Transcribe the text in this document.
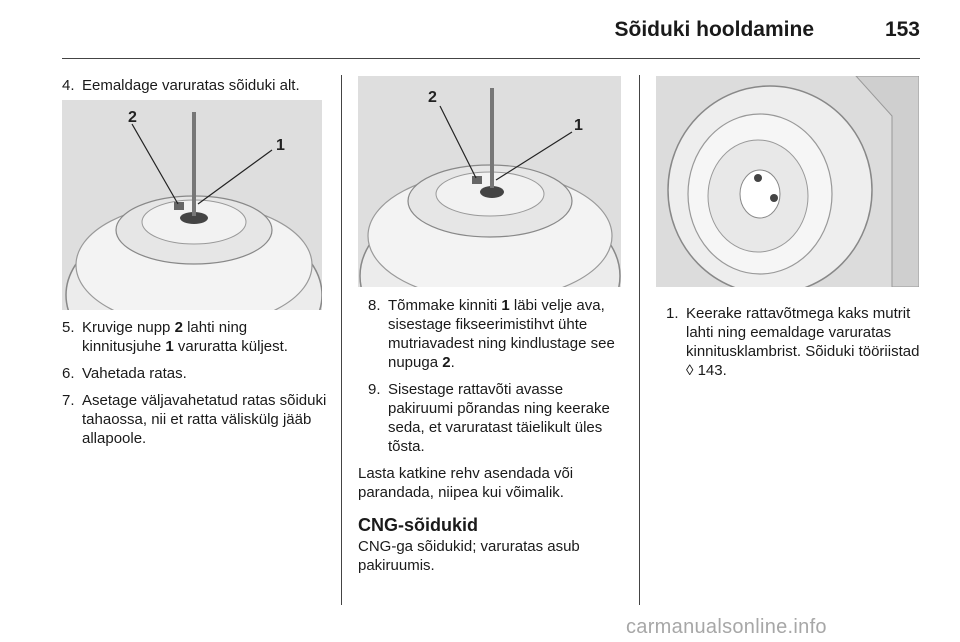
Sõiduki hooldamine	153
4. Eemaldage varuratas sõiduki alt.
2
1
5. Kruvige nupp 2 lahti ning kinnitusjuhe 1 varuratta küljest.
6. Vahetada ratas.
7. Asetage väljavahetatud ratas sõiduki tahaossa, nii et ratta väliskülg jääb allapoole.
2
1
8. Tõmmake kinniti 1 läbi velje ava, sisestage fikseerimistihvt ühte mutriavadest ning kindlustage see nupuga 2.
9. Sisestage rattavõti avasse pakiruumi põrandas ning keerake seda, et varuratast täielikult üles tõsta.
Lasta katkine rehv asendada või parandada, niipea kui võimalik.
CNG-sõidukid
CNG-ga sõidukid; varuratas asub pakiruumis.
1. Keerake rattavõtmega kaks mutrit lahti ning eemaldage varuratas kinnitusklambrist. Sõiduki tööriistad ◊ 143.
carmanualsonline.info
